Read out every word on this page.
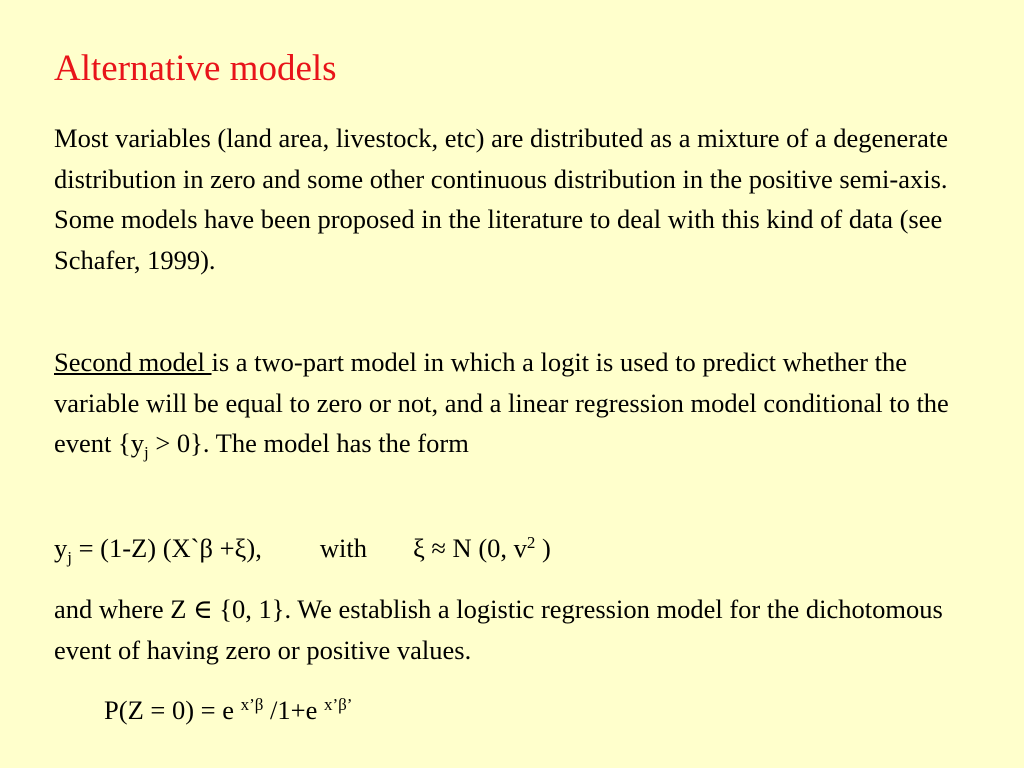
Alternative models
Most variables (land area, livestock, etc) are distributed as a mixture of a degenerate distribution in zero and some other continuous distribution in the positive semi-axis. Some models have been proposed in the literature to deal with this kind of data (see Schafer, 1999).
Second model is a two-part model in which a logit is used to predict whether the variable will be equal to zero or not, and a linear regression model conditional to the event $\{y_j > 0\}$. The model has the form
$y_j = (1-Z)$ (X`β +ξ), with ξ ≈ N (0, $v^2$ )
and where Z ∈ {0, 1}. We establish a logistic regression model for the dichotomous event of having zero or positive values.
P(Z = 0) = e $^{x’\beta}$ /1+e $^{x’\beta’}$
